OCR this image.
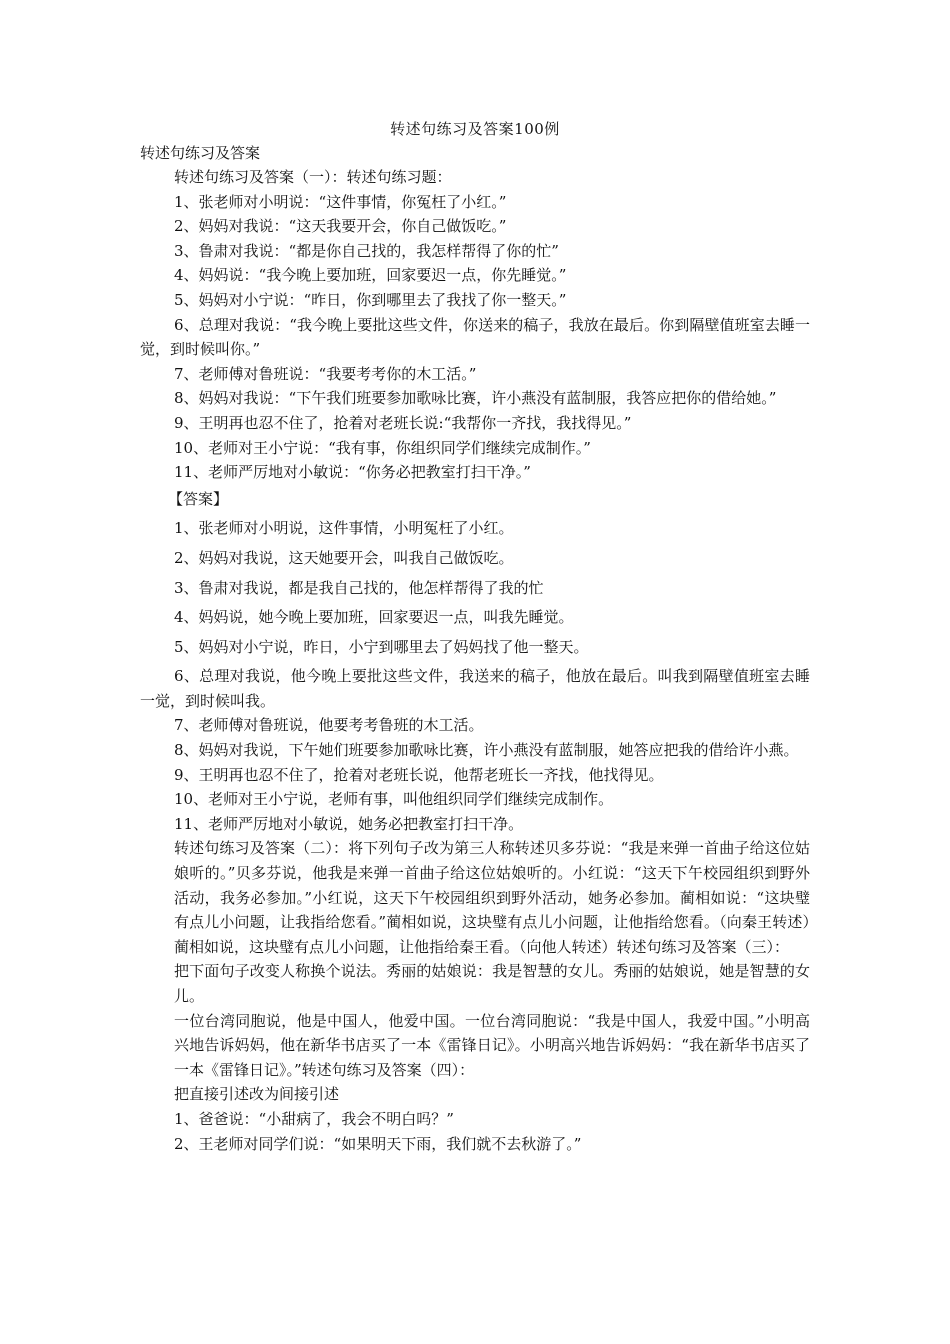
转述句练习及答案100例
转述句练习及答案

转述句练习及答案（一）：转述句练习题：

1、张老师对小明说：“这件事情，你冤枉了小红。”

2、妈妈对我说：“这天我要开会，你自己做饭吃。”

3、鲁肃对我说：“都是你自己找的，我怎样帮得了你的忙”

4、妈妈说：“我今晚上要加班，回家要迟一点，你先睡觉。”

5、妈妈对小宁说：“昨日，你到哪里去了我找了你一整天。”

6、总理对我说：“我今晚上要批这些文件，你送来的稿子，我放在最后。你到隔壁值班室去睡一觉，到时候叫你。”

7、老师傅对鲁班说：“我要考考你的木工活。”

8、妈妈对我说：“下午我们班要参加歌咏比赛，许小燕没有蓝制服，我答应把你的借给她。”

9、王明再也忍不住了，抢着对老班长说:“我帮你一齐找，我找得见。”

10、老师对王小宁说：“我有事，你组织同学们继续完成制作。”

11、老师严厉地对小敏说：“你务必把教室打扫干净。”

【答案】

1、张老师对小明说，这件事情，小明冤枉了小红。

2、妈妈对我说，这天她要开会，叫我自己做饭吃。

3、鲁肃对我说，都是我自己找的，他怎样帮得了我的忙

4、妈妈说，她今晚上要加班，回家要迟一点，叫我先睡觉。

5、妈妈对小宁说，昨日，小宁到哪里去了妈妈找了他一整天。

6、总理对我说，他今晚上要批这些文件，我送来的稿子，他放在最后。叫我到隔壁值班室去睡一觉，到时候叫我。

7、老师傅对鲁班说，他要考考鲁班的木工活。

8、妈妈对我说，下午她们班要参加歌咏比赛，许小燕没有蓝制服，她答应把我的借给许小燕。

9、王明再也忍不住了，抢着对老班长说，他帮老班长一齐找，他找得见。

10、老师对王小宁说，老师有事，叫他组织同学们继续完成制作。

11、老师严厉地对小敏说，她务必把教室打扫干净。

转述句练习及答案（二）：将下列句子改为第三人称转述贝多芬说：“我是来弹一首曲子给这位姑娘听的。”贝多芬说，他我是来弹一首曲子给这位姑娘听的。小红说：“这天下午校园组织到野外活动，我务必参加。”小红说，这天下午校园组织到野外活动，她务必参加。蔺相如说：“这块璧有点儿小问题，让我指给您看。”蔺相如说，这块璧有点儿小问题，让他指给您看。（向秦王转述）蔺相如说，这块璧有点儿小问题，让他指给秦王看。（向他人转述）转述句练习及答案（三）：

把下面句子改变人称换个说法。秀丽的姑娘说：我是智慧的女儿。秀丽的姑娘说，她是智慧的女儿。

一位台湾同胞说，他是中国人，他爱中国。一位台湾同胞说：“我是中国人，我爱中国。”小明高兴地告诉妈妈，他在新华书店买了一本《雷锋日记》。小明高兴地告诉妈妈：“我在新华书店买了一本《雷锋日记》。”转述句练习及答案（四）：

把直接引述改为间接引述

1、爸爸说：“小甜病了，我会不明白吗？”

2、王老师对同学们说：“如果明天下雨，我们就不去秋游了。”
